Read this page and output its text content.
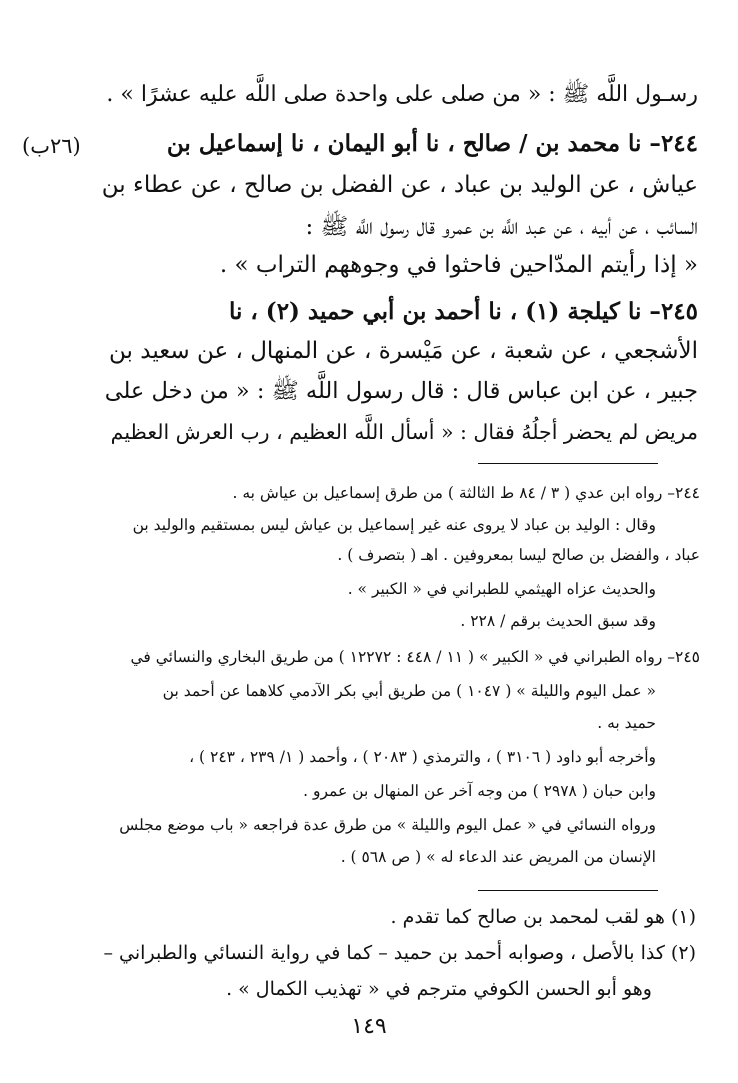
(٢٦ب)
رسـول اللَّه ﷺ : « من صلى على واحدة صلى اللَّه عليه عشرًا » .
٢٤٤– نا محمد بن / صالح ، نا أبو اليمان ، نا إسماعيل بن
عياش ، عن الوليد بن عباد ، عن الفضل بن صالح ، عن عطاء بن
السائب ، عن أبيه ، عن عبد اللَّه بن عمرو قال رسول اللَّه ﷺ :
« إذا رأيتم المدّاحين فاحثوا في وجوههم التراب » .
٢٤٥– نا كيلجة (١) ، نا أحمد بن أبي حميد (٢) ، نا
الأشجعي ، عن شعبة ، عن مَيْسرة ، عن المنهال ، عن سعيد بن
جبير ، عن ابن عباس قال : قال رسول اللَّه ﷺ : « من دخل على
مريض لم يحضر أجلُهُ فقال : « أسأل اللَّه العظيم ، رب العرش العظيم
٢٤٤– رواه ابن عدي ( ٣ / ٨٤ ط الثالثة ) من طرق إسماعيل بن عياش به .
وقال : الوليد بن عباد لا يروى عنه غير إسماعيل بن عياش ليس بمستقيم والوليد بن
عباد ، والفضل بن صالح ليسا بمعروفين . اهـ ( بتصرف ) .
والحديث عزاه الهيثمي للطبراني في « الكبير » .
وقد سبق الحديث برقم / ٢٢٨ .
٢٤٥– رواه الطبراني في « الكبير » ( ١١ / ٤٤٨ : ١٢٢٧٢ ) من طريق البخاري والنسائي في
« عمل اليوم والليلة » ( ١٠٤٧ ) من طريق أبي بكر الآدمي كلاهما عن أحمد بن
حميد به .
وأخرجه أبو داود ( ٣١٠٦ ) ، والترمذي ( ٢٠٨٣ ) ، وأحمد ( ١/ ٢٣٩ ، ٢٤٣ ) ،
وابن حبان ( ٢٩٧٨ ) من وجه آخر عن المنهال بن عمرو .
ورواه النسائي في « عمل اليوم والليلة » من طرق عدة فراجعه « باب موضع مجلس
الإنسان من المريض عند الدعاء له » ( ص ٥٦٨ ) .
(١) هو لقب لمحمد بن صالح كما تقدم .
(٢) كذا بالأصل ، وصوابه أحمد بن حميد – كما في رواية النسائي والطبراني –
وهو أبو الحسن الكوفي مترجم في « تهذيب الكمال » .
١٤٩
